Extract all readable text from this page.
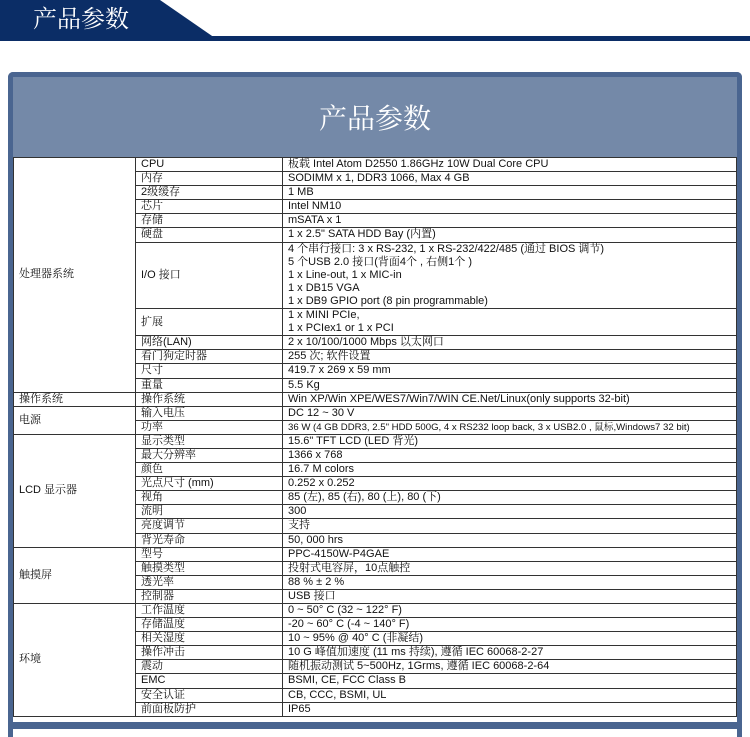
产品参数
产品参数
处理器系统	CPU	板载 Intel Atom D2550 1.86GHz 10W Dual Core CPU

	内存	SODIMM x 1, DDR3 1066, Max 4 GB

	2级缓存	1 MB

	芯片	Intel NM10

	存储	mSATA x 1

	硬盘	1 x 2.5" SATA HDD Bay (内置)

	I/O 接口	4 个串行接口: 3 x RS-232, 1 x RS-232/422/485 (通过 BIOS 调节)
5 个USB 2.0 接口(背面4个 , 右侧1个 )
1 x Line-out, 1 x MIC-in
1 x DB15 VGA
1 x DB9 GPIO port (8 pin programmable)

	扩展	1 x MINI PCIe,
1 x PCIex1 or 1 x PCI

	网络(LAN)	2 x 10/100/1000 Mbps 以太网口

	看门狗定时器	255 次; 软件设置

	尺寸	419.7 x 269 x 59 mm

	重量	5.5 Kg

操作系统	操作系统	Win XP/Win XPE/WES7/Win7/WIN CE.Net/Linux(only supports 32-bit)

电源	输入电压	DC 12 ~ 30 V

	功率	36 W (4 GB DDR3, 2.5" HDD 500G, 4 x RS232 loop back, 3 x USB2.0 , 鼠标,Windows7 32 bit)

LCD 显示器	显示类型	15.6" TFT LCD (LED 背光)

	最大分辨率	1366 x 768

	颜色	16.7 M colors

	光点尺寸 (mm)	0.252 x 0.252

	视角	85 (左), 85 (右), 80 (上), 80 (下)

	流明	300

	亮度调节	支持

	背光寿命	50, 000 hrs

触摸屏	型号	PPC-4150W-P4GAE

	触摸类型	投射式电容屏，10点触控

	透光率	88 % ± 2 %

	控制器	USB 接口

环境	工作温度	0 ~ 50° C (32 ~ 122° F)

	存储温度	-20 ~ 60° C (-4 ~ 140° F)

	相关湿度	10 ~ 95% @ 40° C (非凝结)

	操作冲击	10 G 峰值加速度 (11 ms 持续), 遵循 IEC 60068-2-27

	震动	随机振动测试 5~500Hz, 1Grms, 遵循 IEC 60068-2-64

	EMC	BSMI, CE, FCC Class B

	安全认证	CB, CCC, BSMI, UL

	前面板防护	IP65
